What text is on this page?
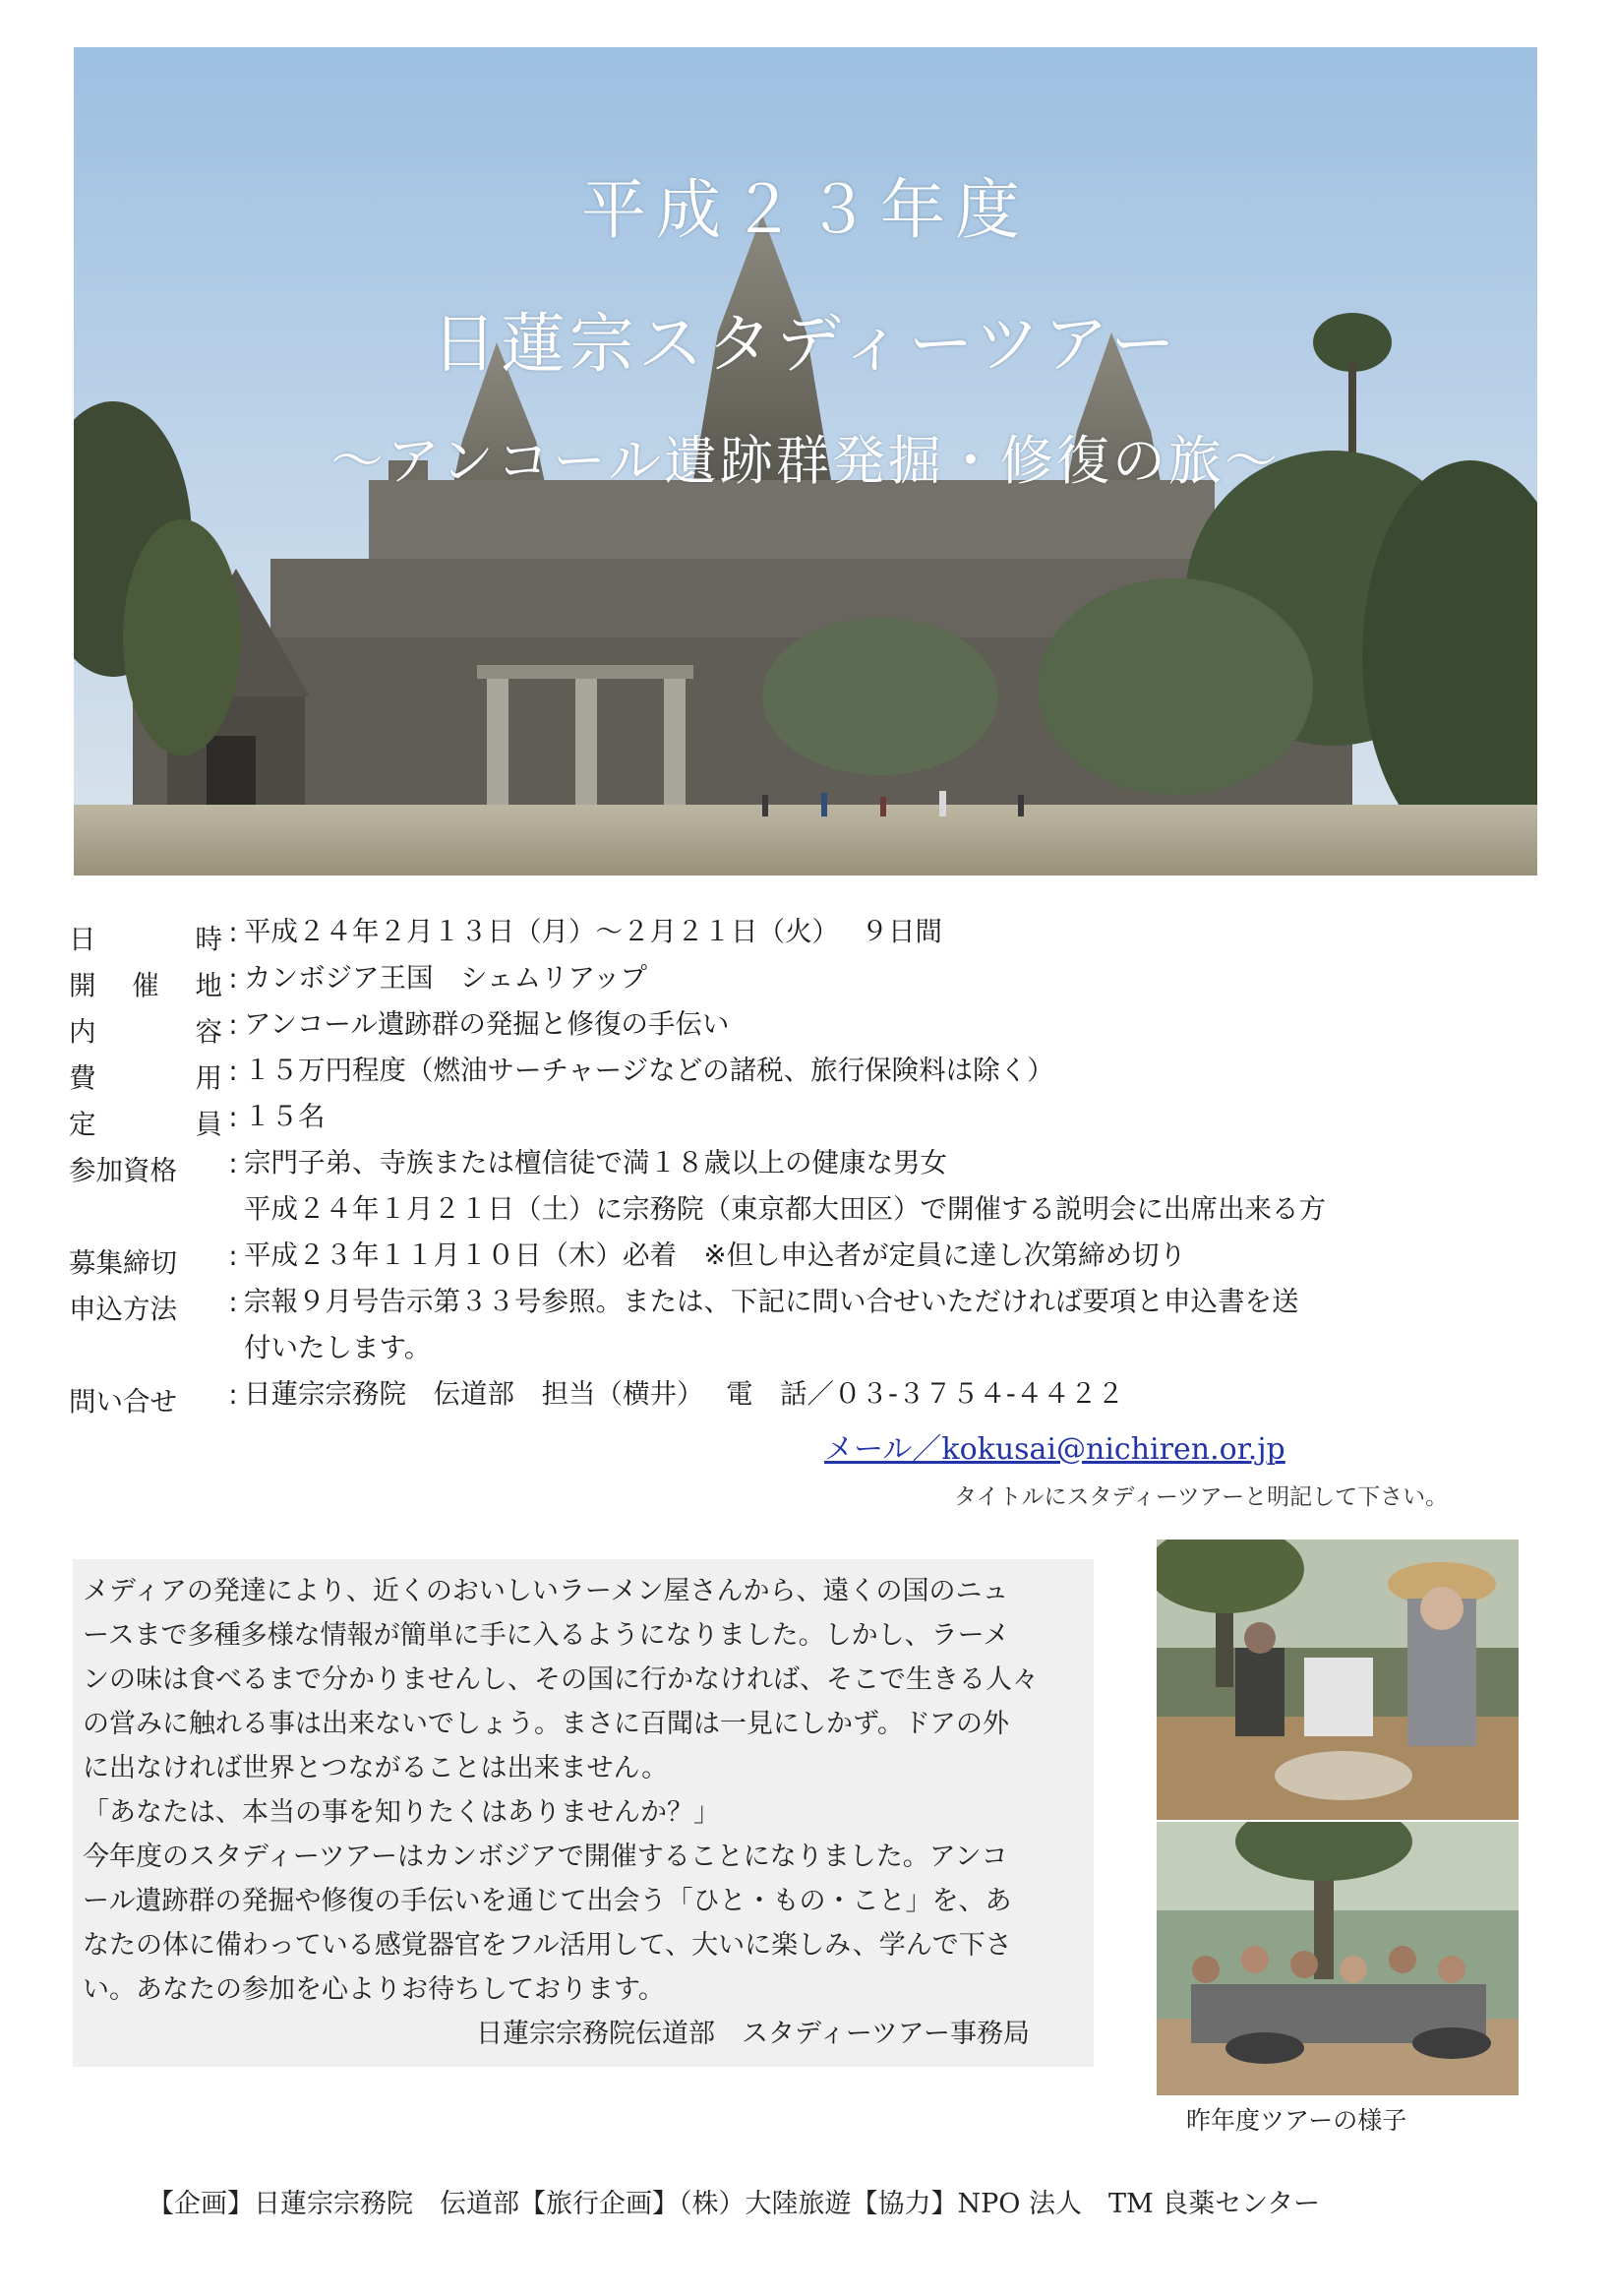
平成２３年度
日蓮宗スタディーツアー
～アンコール遺跡群発掘・修復の旅～
日	時 : 平成２４年２月１３日（月）～２月２１日（火）　 ９日間
開 催 地 : カンボジア王国　シェムリアップ
内	容 : アンコール遺跡群の発掘と修復の手伝い
費	用 : １５万円程度（燃油サーチャージなどの諸税、旅行保険料は除く）
定	員 : １５名
参加資格 : 宗門子弟、寺族または檀信徒で満１８歳以上の健康な男女
平成２４年１月２１日（土）に宗務院（東京都大田区）で開催する説明会に出席出来る方
募集締切 : 平成２３年１１月１０日（木）必着　※但し申込者が定員に達し次第締め切り
申込方法 : 宗報９月号告示第３３号参照。または、下記に問い合せいただければ要項と申込書を送
付いたします。
問い合せ : 日蓮宗宗務院　伝道部　担当（横井）　 電　話／０３-３７５４-４４２２
メール／kokusai@nichiren.or.jp
タイトルにスタディーツアーと明記して下さい。
メディアの発達により、近くのおいしいラーメン屋さんから、遠くの国のニュ
ースまで多種多様な情報が簡単に手に入るようになりました。しかし、ラーメ
ンの味は食べるまで分かりませんし、その国に行かなければ、そこで生きる人々
の営みに触れる事は出来ないでしょう。まさに百聞は一見にしかず。ドアの外
に出なければ世界とつながることは出来ません。
「あなたは、本当の事を知りたくはありませんか？」
今年度のスタディーツアーはカンボジアで開催することになりました。アンコ
ール遺跡群の発掘や修復の手伝いを通じて出会う「ひと・もの・こと」を、あ
なたの体に備わっている感覚器官をフル活用して、大いに楽しみ、学んで下さ
い。あなたの参加を心よりお待ちしております。
日蓮宗宗務院伝道部　スタディーツアー事務局
昨年度ツアーの様子
【企画】日蓮宗宗務院　伝道部【旅行企画】（株）大陸旅遊【協力】NPO 法人　TM 良薬センター
